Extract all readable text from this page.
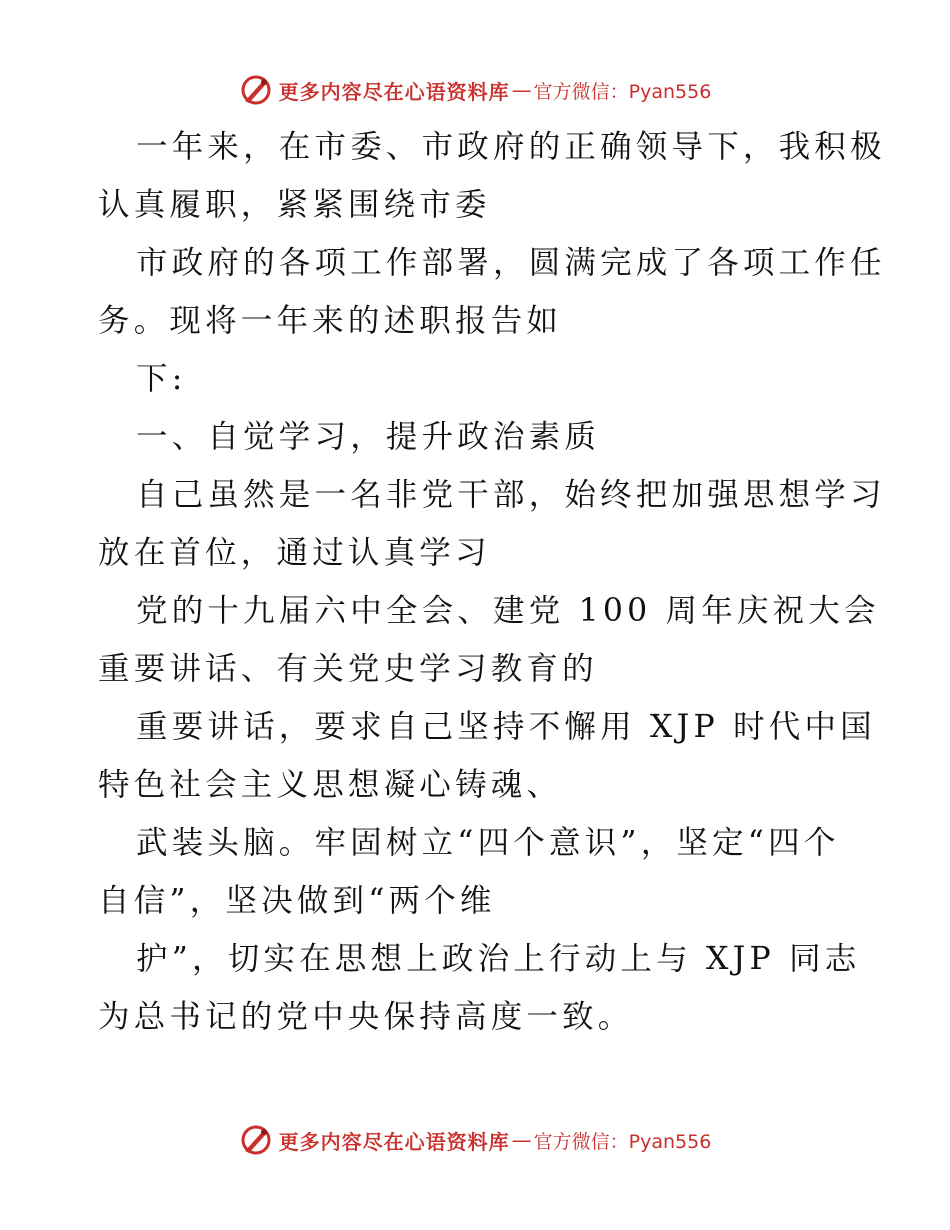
更多内容尽在心语资料库 — 官方微信：Pyan556
一年来，在市委、市政府的正确领导下，我积极
认真履职，紧紧围绕市委
市政府的各项工作部署，圆满完成了各项工作任
务。现将一年来的述职报告如
下:
一、自觉学习，提升政治素质
自己虽然是一名非党干部，始终把加强思想学习
放在首位，通过认真学习
党的十九届六中全会、建党 100 周年庆祝大会
重要讲话、有关党史学习教育的
重要讲话，要求自己坚持不懈用 XJP 时代中国
特色社会主义思想凝心铸魂、
武装头脑。牢固树立“四个意识”，坚定“四个
自信”，坚决做到“两个维
护”，切实在思想上政治上行动上与 XJP 同志
为总书记的党中央保持高度一致。
更多内容尽在心语资料库 — 官方微信：Pyan556
